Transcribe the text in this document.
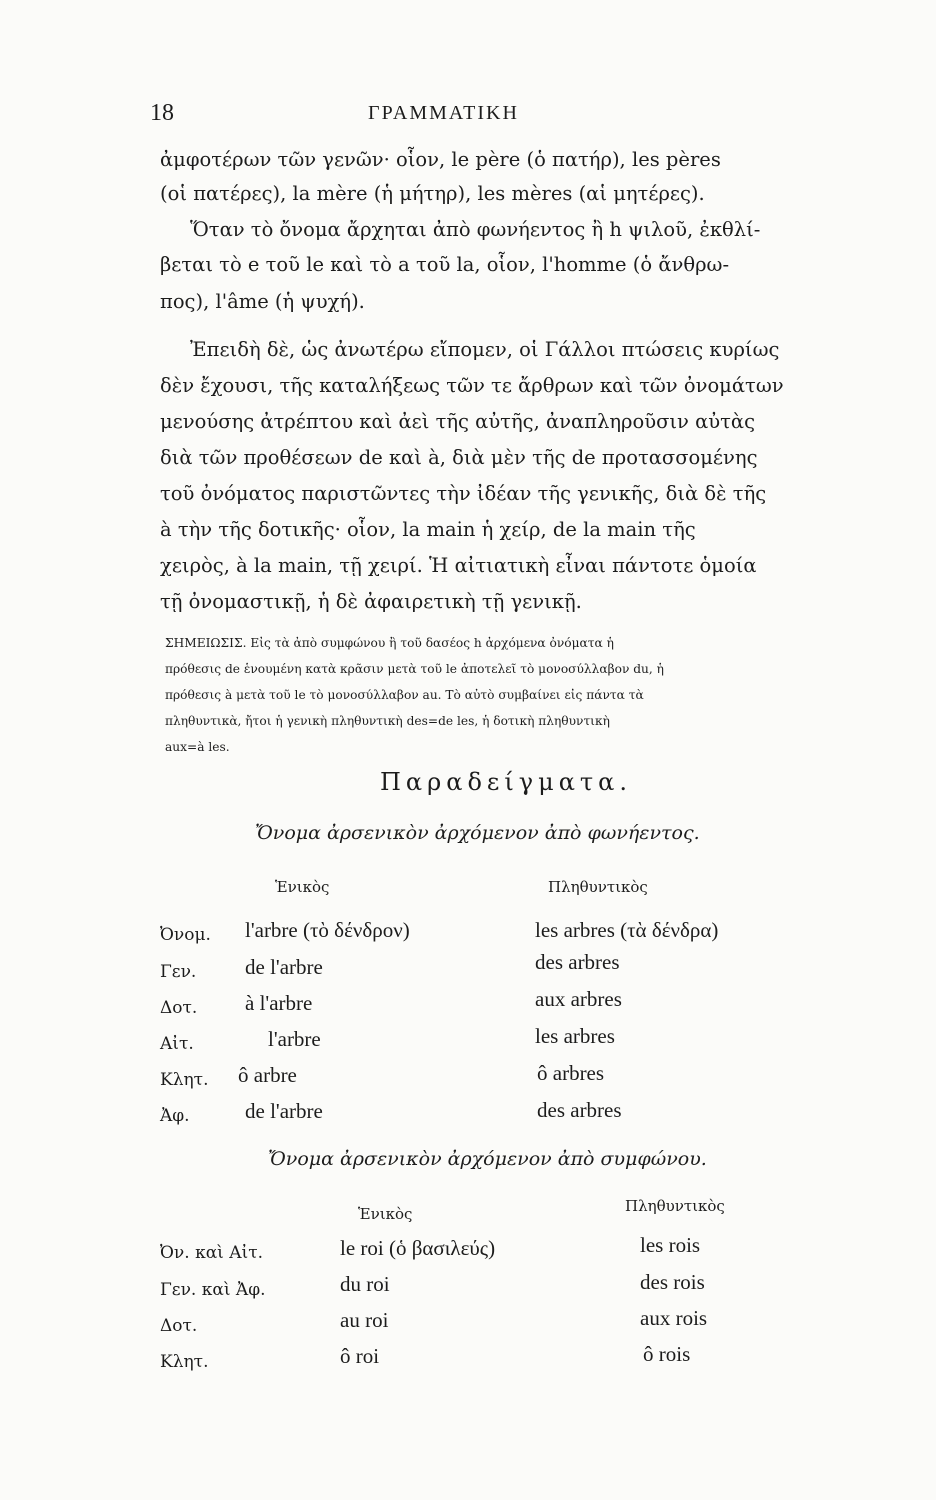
18	ΓΡΑΜΜΑΤΙΚΗ
ἀμφοτέρων τῶν γενῶν· οἷον, le père (ὁ πατήρ), les pères
(οἱ πατέρες), la mère (ἡ μήτηρ), les mères (αἱ μητέρες).
Ὅταν τὸ ὄνομα ἄρχηται ἀπὸ φωνήεντος ἢ h ψιλοῦ, ἐκθλί-
βεται τὸ e τοῦ le καὶ τὸ a τοῦ la, οἷον, l'homme (ὁ ἄνθρω-
πος), l'âme (ἡ ψυχή).
Ἐπειδὴ δὲ, ὡς ἀνωτέρω εἴπομεν, οἱ Γάλλοι πτώσεις κυρίως
δὲν ἔχουσι, τῆς καταλήξεως τῶν τε ἄρθρων καὶ τῶν ὀνομάτων
μενούσης ἀτρέπτου καὶ ἀεὶ τῆς αὐτῆς, ἀναπληροῦσιν αὐτὰς
διὰ τῶν προθέσεων de καὶ à, διὰ μὲν τῆς de προτασσομένης
τοῦ ὀνόματος παριστῶντες τὴν ἰδέαν τῆς γενικῆς, διὰ δὲ τῆς
à τὴν τῆς δοτικῆς· οἷον, la main ἡ χείρ, de la main τῆς
χειρὸς, à la main, τῇ χειρί. Ἡ αἰτιατικὴ εἶναι πάντοτε ὁμοία
τῇ ὀνομαστικῇ, ἡ δὲ ἀφαιρετικὴ τῇ γενικῇ.
ΣΗΜΕΙΩΣΙΣ. Εἰς τὰ ἀπὸ συμφώνου ἢ τοῦ δασέος h ἀρχόμενα ὀνόματα ἡ
πρόθεσις de ἑνουμένη κατὰ κρᾶσιν μετὰ τοῦ le ἀποτελεῖ τὸ μονοσύλλαβον du, ἡ
πρόθεσις à μετὰ τοῦ le τὸ μονοσύλλαβον au. Τὸ αὐτὸ συμβαίνει εἰς πάντα τὰ
πληθυντικὰ, ἤτοι ἡ γενικὴ πληθυντικὴ des=de les, ἡ δοτικὴ πληθυντικὴ
aux=à les.
Παραδείγματα.
Ὄνομα ἀρσενικὸν ἀρχόμενον ἀπὸ φωνήεντος.
Ἑνικὸς	Πληθυντικὸς
Ὀνομ. l'arbre (τὸ δένδρον)	les arbres (τὰ δένδρα)
Γεν. de l'arbre	des arbres
Δοτ. à l'arbre	aux arbres
Αἰτ.	l'arbre	les arbres
Κλητ. ô arbre	ô arbres
Ἀφ.	de l'arbre	des arbres
Ὄνομα ἀρσενικὸν ἀρχόμενον ἀπὸ συμφώνου.
Ἑνικὸς	Πληθυντικὸς
Ὀν. καὶ Αἰτ.	le roi (ὁ βασιλεύς)	les rois
Γεν. καὶ Ἀφ.	du roi	des rois
Δοτ.	au roi	aux rois
Κλητ.	ô roi	ô rois
